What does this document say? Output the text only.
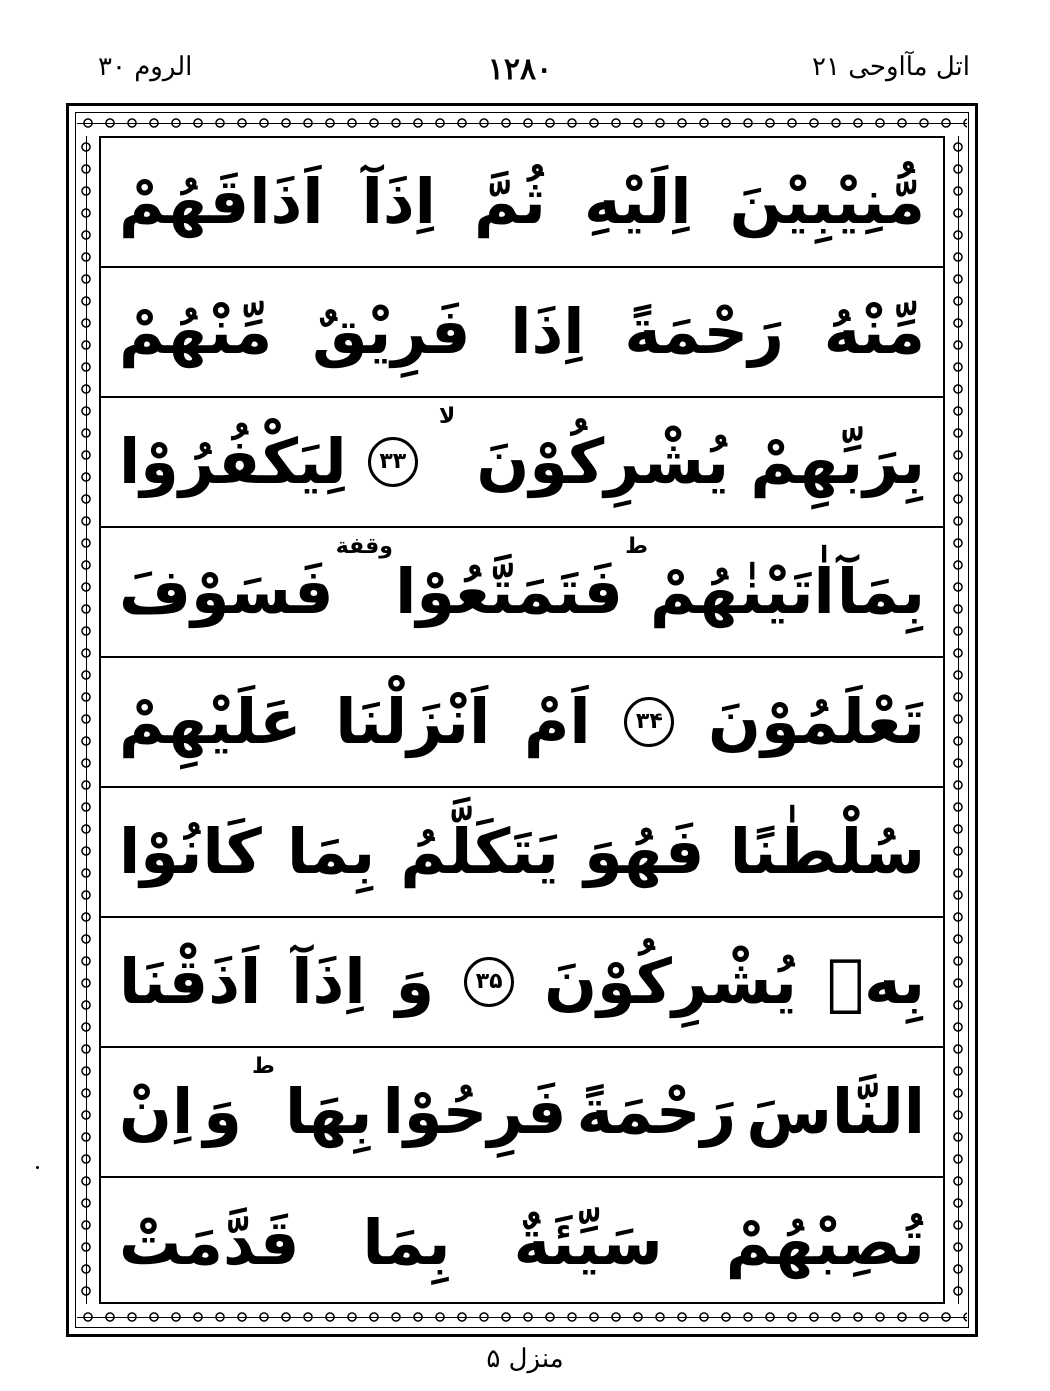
اتل مآاوحی ۲۱
۱۲۸۰
الروم ۳۰
مُّنِيْبِيْنَ
اِلَيْهِ
ثُمَّ
اِذَآ
اَذَاقَهُمْ
مِّنْهُ
رَحْمَةً
اِذَا
فَرِيْقٌ
مِّنْهُمْ
بِرَبِّهِمْ
يُشْرِكُوْنَ
لا
۳۳
لِيَكْفُرُوْا
بِمَآ
اٰتَيْنٰهُمْ
ط
فَتَمَتَّعُوْا
وقفة
فَسَوْفَ
تَعْلَمُوْنَ
۳۴
اَمْ
اَنْزَلْنَا
عَلَيْهِمْ
سُلْطٰنًا
فَهُوَ
يَتَكَلَّمُ
بِمَا
كَانُوْا
بِهٖ
يُشْرِكُوْنَ
۳۵
وَ
اِذَآ
اَذَقْنَا
النَّاسَ
رَحْمَةً
فَرِحُوْا
بِهَا
ط
وَ
اِنْ
تُصِبْهُمْ
سَيِّئَةٌ
بِمَا
قَدَّمَتْ
منزل ۵
